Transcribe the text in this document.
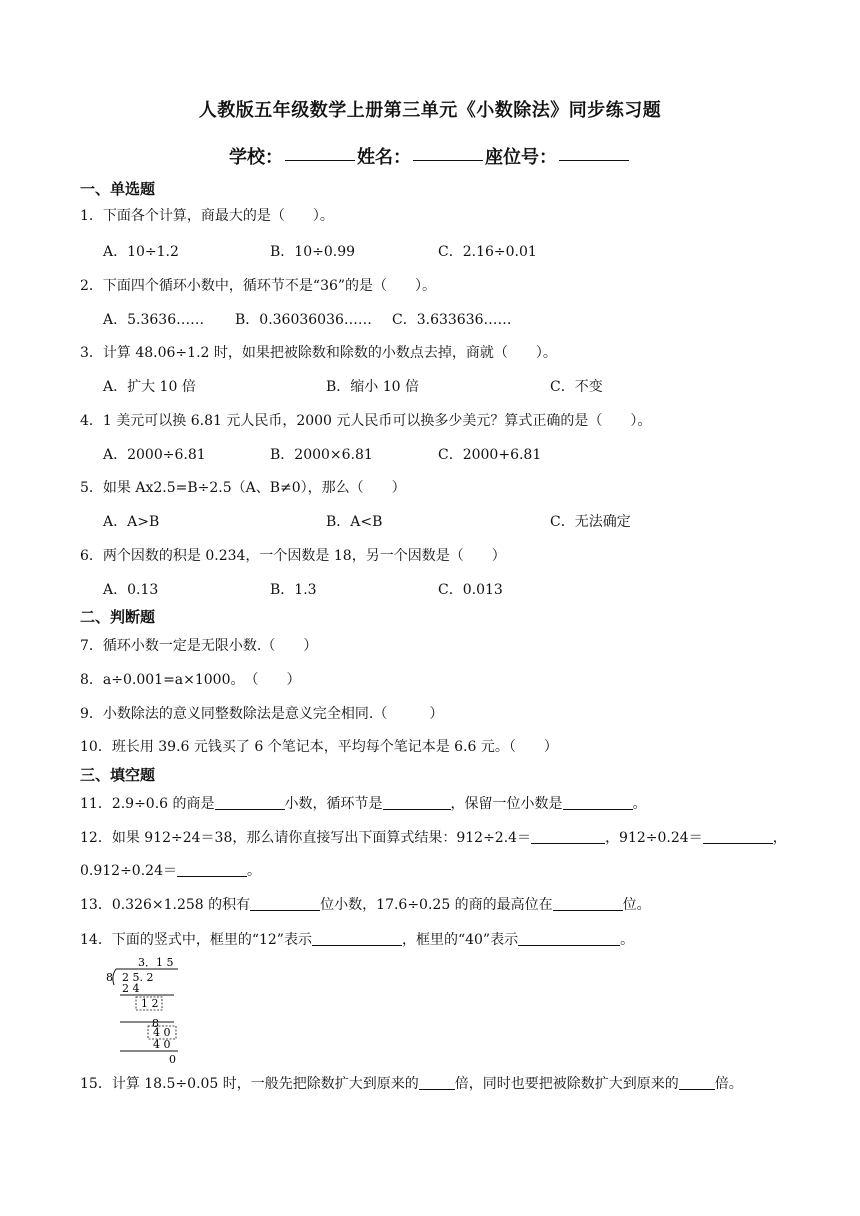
人教版五年级数学上册第三单元《小数除法》同步练习题
学校：	姓名：	座位号：
一、单选题
1．下面各个计算，商最大的是（　　）。
A．10÷1.2	B．10÷0.99	C．2.16÷0.01
2．下面四个循环小数中，循环节不是“36”的是（　　）。
A．5.3636…… B．0.36036036…… C．3.633636……
3．计算 48.06÷1.2 时，如果把被除数和除数的小数点去掉，商就（　　）。
A．扩大 10 倍	B．缩小 10 倍	C．不变
4．1 美元可以换 6.81 元人民币，2000 元人民币可以换多少美元？算式正确的是（　　）。
A．2000÷6.81	B．2000×6.81	C．2000+6.81
5．如果 Ax2.5=B÷2.5（A、B≠0），那么（　　）
A．A>B	B．A<B	C．无法确定
6．两个因数的积是 0.234，一个因数是 18，另一个因数是（　　）
A．0.13	B．1.3	C．0.013
二、判断题
7．循环小数一定是无限小数.（　　）
8．a÷0.001=a×1000。　（　　）
9．小数除法的意义同整数除法是意义完全相同.（　　　）
10．班长用 39.6 元钱买了 6 个笔记本，平均每个笔记本是 6.6 元。（　　）
三、填空题
11．2.9÷0.6 的商是	小数，循环节是	，保留一位小数是	。
12．如果 912÷24＝38，那么请你直接写出下面算式结果：912÷2.4＝	，912÷0.24＝	，
0.912÷0.24＝	。
13．0.326×1.258 的积有	位小数，17.6÷0.25 的商的最高位在	位。
14．下面的竖式中，框里的“12”表示	，框里的“40”表示	。
3．1 5
8 2 5. 2
2 4
1 2
8
4 0
4 0
0
15．计算 18.5÷0.05 时，一般先把除数扩大到原来的	倍，同时也要把被除数扩大到原来的	倍。
